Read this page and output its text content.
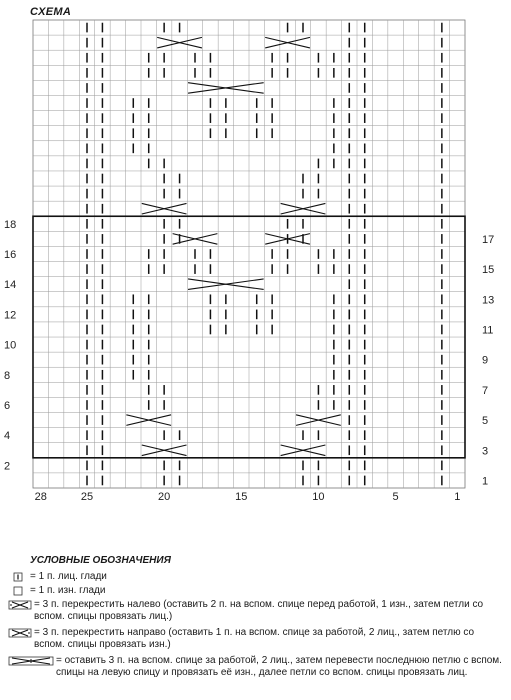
СХЕМА
18
16
14
12
10
8
6
4
2
17
15
13
11
9
7
5
3
1
28	25	20	15	10	5	1
УСЛОВНЫЕ ОБОЗНАЧЕНИЯ
= 1 п. лиц. глади
= 1 п. изн. глади
= 3 п. перекрестить налево (оставить 2 п. на вспом. спице перед работой, 1 изн., затем петли со вспом. спицы провязать лиц.)
= 3 п. перекрестить направо (оставить 1 п. на вспом. спице за работой, 2 лиц., затем петлю со вспом. спицы провязать изн.)
= оставить 3 п. на вспом. спице за работой, 2 лиц., затем перевести последнюю петлю с вспом. спицы на левую спицу и провязать её изн., далее петли со вспом. спицы провязать лиц.
